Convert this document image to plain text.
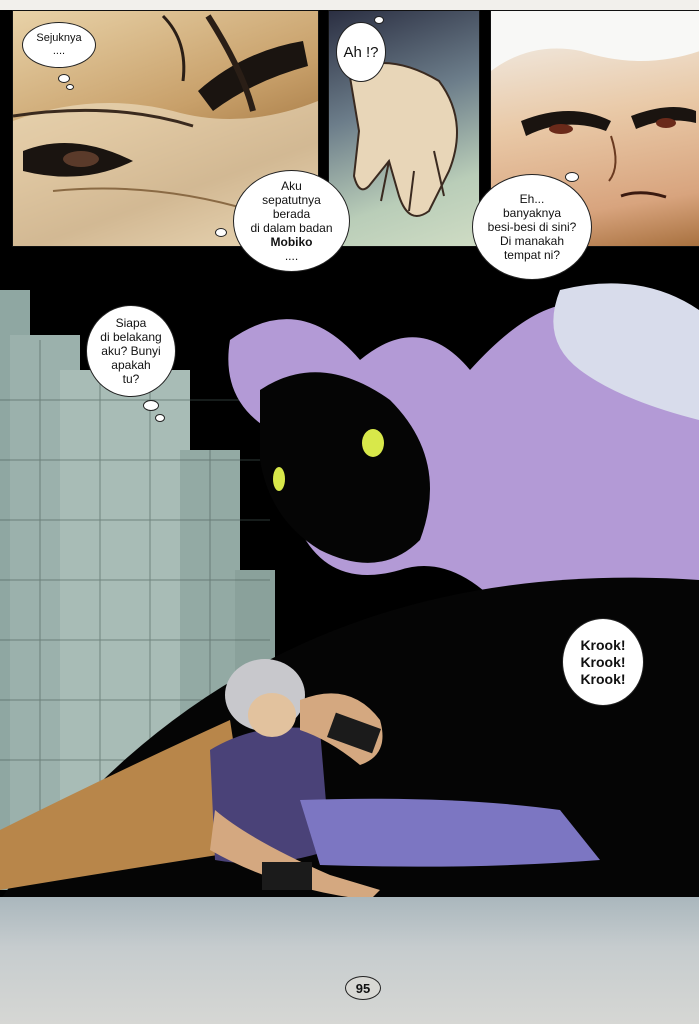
Sejuknya ....	Ah !?
Aku
sepatutnya
berada
di dalam badan
Mobiko
....
Eh...
banyaknya
besi-besi di sini?
Di manakah
tempat ni?
Siapa
di belakang
aku? Bunyi
apakah
tu?
Krook!
Krook!
Krook!
95
